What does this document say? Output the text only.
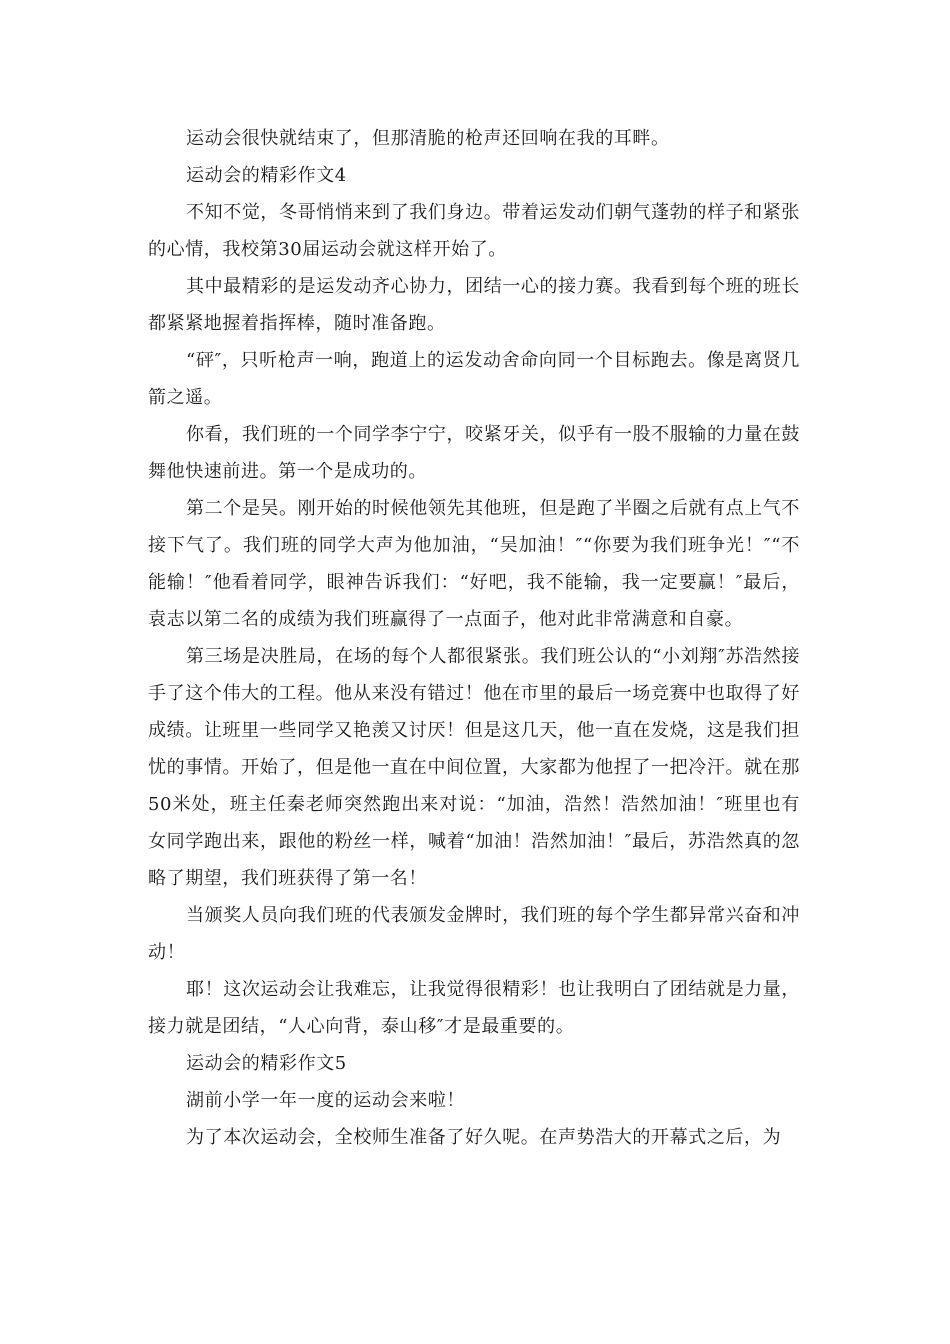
运动会很快就结束了，但那清脆的枪声还回响在我的耳畔。

运动会的精彩作文4

不知不觉，冬哥悄悄来到了我们身边。带着运发动们朝气蓬勃的样子和紧张的心情，我校第30届运动会就这样开始了。

其中最精彩的是运发动齐心协力，团结一心的接力赛。我看到每个班的班长都紧紧地握着指挥棒，随时准备跑。

“砰″，只听枪声一响，跑道上的运发动舍命向同一个目标跑去。像是离贤几箭之遥。

你看，我们班的一个同学李宁宁，咬紧牙关，似乎有一股不服输的力量在鼓舞他快速前进。第一个是成功的。

第二个是吴。刚开始的时候他领先其他班，但是跑了半圈之后就有点上气不接下气了。我们班的同学大声为他加油，“吴加油！″“你要为我们班争光！″“不能输！″他看着同学，眼神告诉我们：“好吧，我不能输，我一定要赢！″最后，袁志以第二名的成绩为我们班赢得了一点面子，他对此非常满意和自豪。

第三场是决胜局，在场的每个人都很紧张。我们班公认的“小刘翔″苏浩然接手了这个伟大的工程。他从来没有错过！他在市里的最后一场竞赛中也取得了好成绩。让班里一些同学又艳羡又讨厌！但是这几天，他一直在发烧，这是我们担忧的事情。开始了，但是他一直在中间位置，大家都为他捏了一把冷汗。就在那50米处，班主任秦老师突然跑出来对说：“加油，浩然！浩然加油！″班里也有女同学跑出来，跟他的粉丝一样，喊着“加油！浩然加油！″最后，苏浩然真的忽略了期望，我们班获得了第一名！

当颁奖人员向我们班的代表颁发金牌时，我们班的每个学生都异常兴奋和冲动！

耶！这次运动会让我难忘，让我觉得很精彩！也让我明白了团结就是力量，接力就是团结，“人心向背，泰山移″才是最重要的。

运动会的精彩作文5

湖前小学一年一度的运动会来啦！

为了本次运动会，全校师生准备了好久呢。在声势浩大的开幕式之后，为
